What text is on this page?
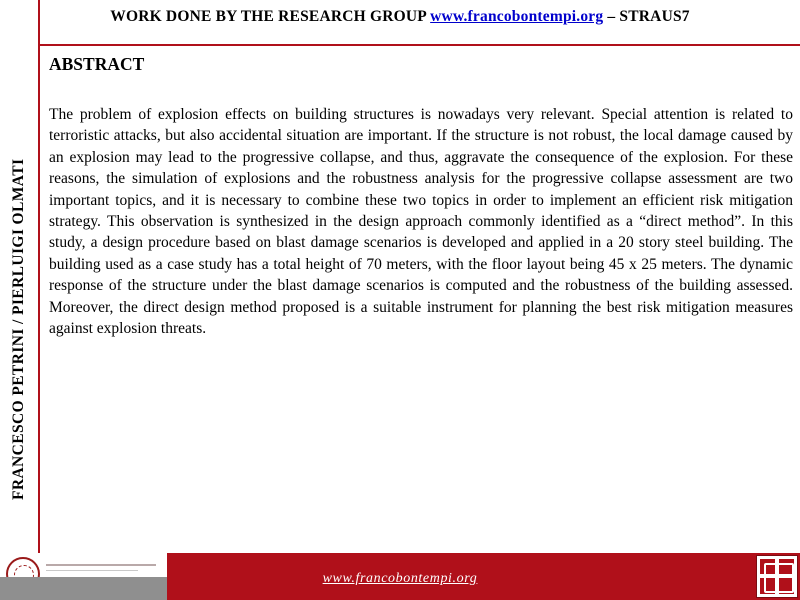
WORK DONE BY THE RESEARCH GROUP www.francobontempi.org – STRAUS7
FRANCESCO PETRINI / PIERLUIGI OLMATI
ABSTRACT
The problem of explosion effects on building structures is nowadays very relevant. Special attention is related to terroristic attacks, but also accidental situation are important. If the structure is not robust, the local damage caused by an explosion may lead to the progressive collapse, and thus, aggravate the consequence of the explosion. For these reasons, the simulation of explosions and the robustness analysis for the progressive collapse assessment are two important topics, and it is necessary to combine these two topics in order to implement an efficient risk mitigation strategy. This observation is synthesized in the design approach commonly identified as a “direct method”. In this study, a design procedure based on blast damage scenarios is developed and applied in a 20 story steel building. The building used as a case study has a total height of 70 meters, with the floor layout being 45 x 25 meters. The dynamic response of the structure under the blast damage scenarios is computed and the robustness of the building assessed. Moreover, the direct design method proposed is a suitable instrument for planning the best risk mitigation measures against explosion threats.
www.francobontempi.org
